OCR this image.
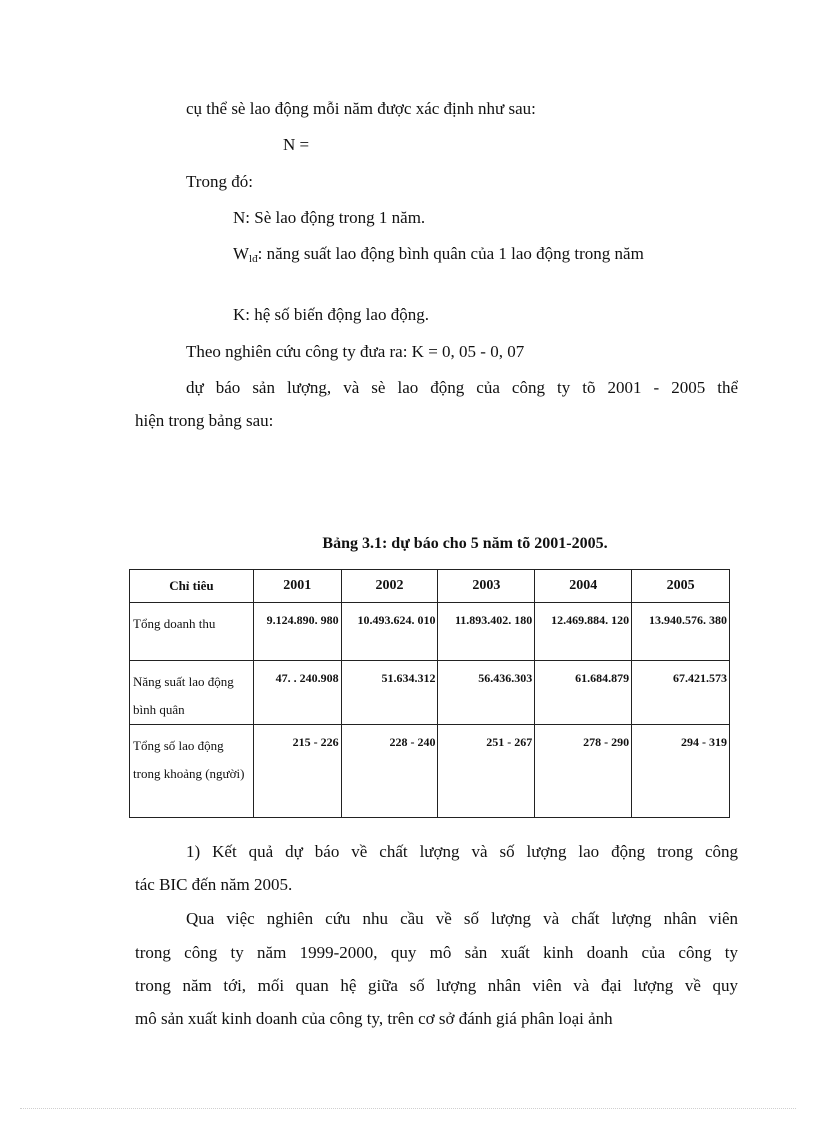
cụ thể sè lao động mỗi năm được xác định như sau:
N =
Trong đó:
N: Sè lao động trong 1 năm.
$W_{lđ}$: năng suất lao động bình quân của 1 lao động trong năm
K: hệ số biến động lao động.
Theo nghiên cứu công ty đưa ra: K = 0, 05 - 0, 07
dự báo sản lượng, và sè lao động của công ty tõ 2001 - 2005 thể
hiện trong bảng sau:
Bảng 3.1: dự báo cho 5 năm tõ 2001-2005.
Chỉ tiêu	2001	2002	2003	2004	2005
Tổng doanh thu	9.124.890. 980	10.493.624. 010	11.893.402. 180	12.469.884. 120	13.940.576. 380
Năng suất lao động bình quân	47. . 240.908	51.634.312	56.436.303	61.684.879	67.421.573
Tổng số lao động trong khoảng (người)	215 - 226	228 - 240	251 - 267	278 - 290	294 - 319
1) Kết quả dự báo về chất lượng và số lượng lao động trong công
tác BIC đến năm 2005.
Qua việc nghiên cứu nhu cầu về số lượng và chất lượng nhân viên
trong công ty năm 1999-2000, quy mô sản xuất kinh doanh của công ty
trong năm tới, mối quan hệ giữa số lượng nhân viên và đại lượng về quy
mô sản xuất kinh doanh của công ty, trên cơ sở đánh giá phân loại ảnh
